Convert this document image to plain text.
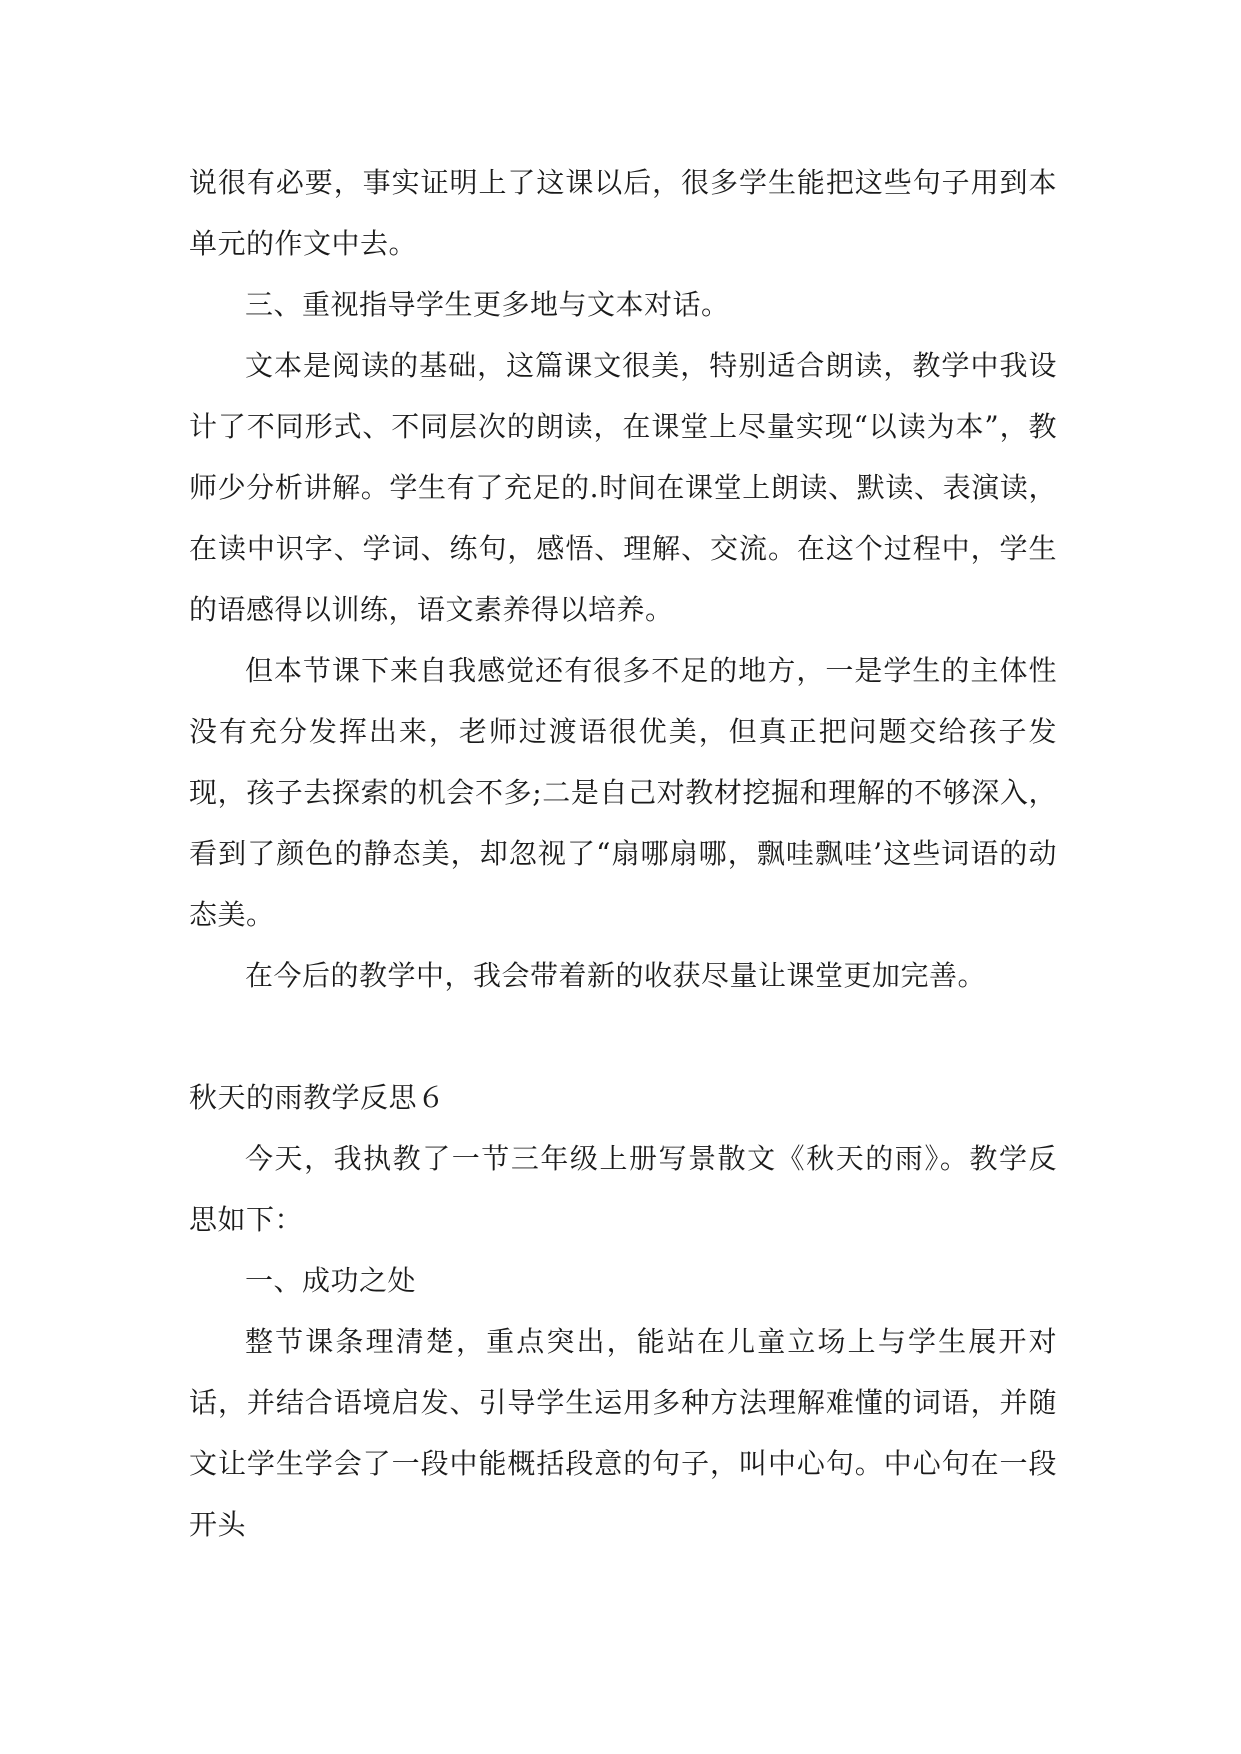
说很有必要，事实证明上了这课以后，很多学生能把这些句子用到本单元的作文中去。

三、重视指导学生更多地与文本对话。

文本是阅读的基础，这篇课文很美，特别适合朗读，教学中我设计了不同形式、不同层次的朗读，在课堂上尽量实现“以读为本”，教师少分析讲解。学生有了充足的.时间在课堂上朗读、默读、表演读，在读中识字、学词、练句，感悟、理解、交流。在这个过程中，学生的语感得以训练，语文素养得以培养。

但本节课下来自我感觉还有很多不足的地方，一是学生的主体性没有充分发挥出来，老师过渡语很优美，但真正把问题交给孩子发现，孩子去探索的机会不多;二是自己对教材挖掘和理解的不够深入，看到了颜色的静态美，却忽视了“扇哪扇哪，飘哇飘哇’这些词语的动态美。

在今后的教学中，我会带着新的收获尽量让课堂更加完善。

秋天的雨教学反思６

今天，我执教了一节三年级上册写景散文《秋天的雨》。教学反思如下：

一、成功之处

整节课条理清楚，重点突出，能站在儿童立场上与学生展开对话，并结合语境启发、引导学生运用多种方法理解难懂的词语，并随文让学生学会了一段中能概括段意的句子，叫中心句。中心句在一段开头
